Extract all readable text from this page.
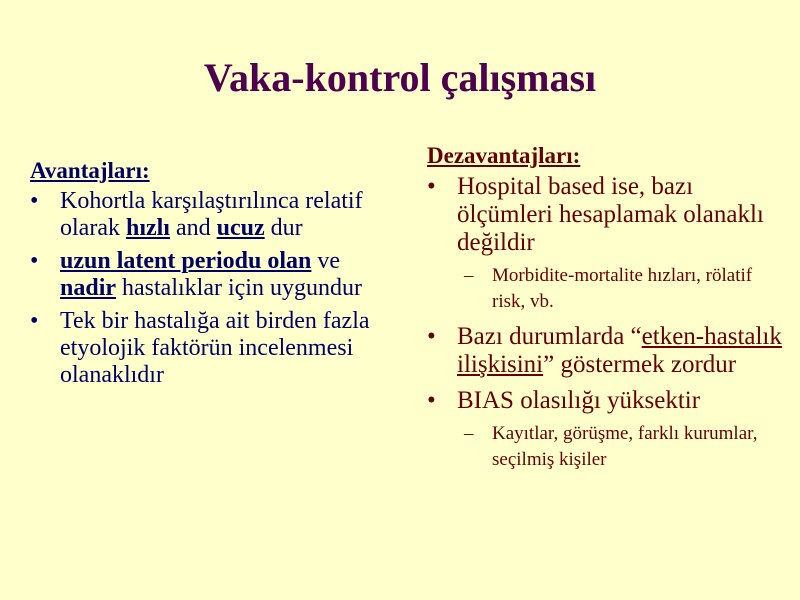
Vaka-kontrol çalışması
Avantajları:
• Kohortla karşılaştırılınca relatif olarak hızlı and ucuz dur
• uzun latent periodu olan ve nadir hastalıklar için uygundur
• Tek bir hastalığa ait birden fazla etyolojik faktörün incelenmesi olanaklıdır
Dezavantajları:
• Hospital based ise, bazı ölçümleri hesaplamak olanaklı değildir
– Morbidite-mortalite hızları, rölatif risk, vb.
• Bazı durumlarda “etken-hastalık ilişkisini” göstermek zordur
• BIAS olasılığı yüksektir
– Kayıtlar, görüşme, farklı kurumlar, seçilmiş kişiler
